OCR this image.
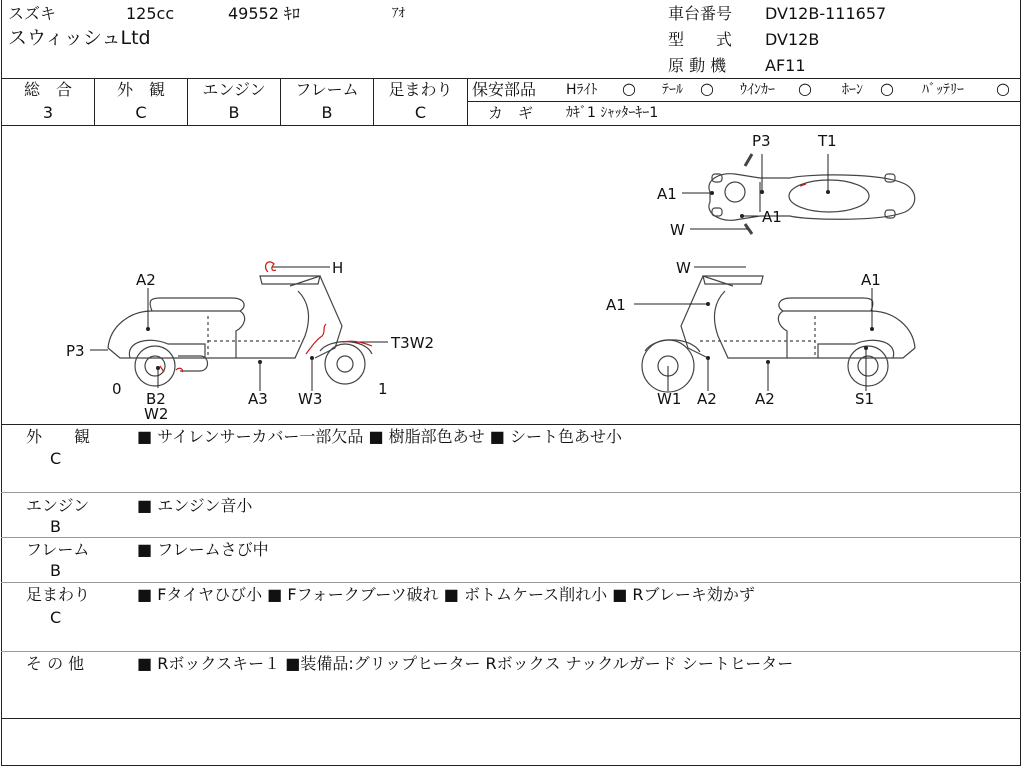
スズキ	125cc	49552 ｷﾛ	ｱｵ
スウィッシュLtd
車台番号 DV12B-111657
型　　式 DV12B
原 動 機 AF11
総　合
3
外　観
C
エンジン
B
フレーム
B
足まわり
C
保安部品 Hﾗｲﾄ ○ ﾃｰﾙ ○ ｳｲﾝｶｰ ○ ﾎｰﾝ ○ ﾊﾞｯﾃﾘｰ ○
カ　ギ ｶｷﾞ1 ｼｬｯﾀｰｷｰ1
P3	T1
A1
A1
W
A2
H
P3	T3W2
0
B2
W2
A3 W3
1
W
A1
A1
W1 A2	A2	S1
外　　観
C
■ サイレンサーカバー一部欠品 ■ 樹脂部色あせ ■ シート色あせ小
エンジン
B
■ エンジン音小
フレーム
B
■ フレームさび中
足まわり
C
■ Fタイヤひび小 ■ Fフォークブーツ破れ ■ ボトムケース削れ小 ■ Rブレーキ効かず
そ の 他	■ Rボックスキー１ ■装備品:グリップヒーター Rボックス ナックルガード シートヒーター
